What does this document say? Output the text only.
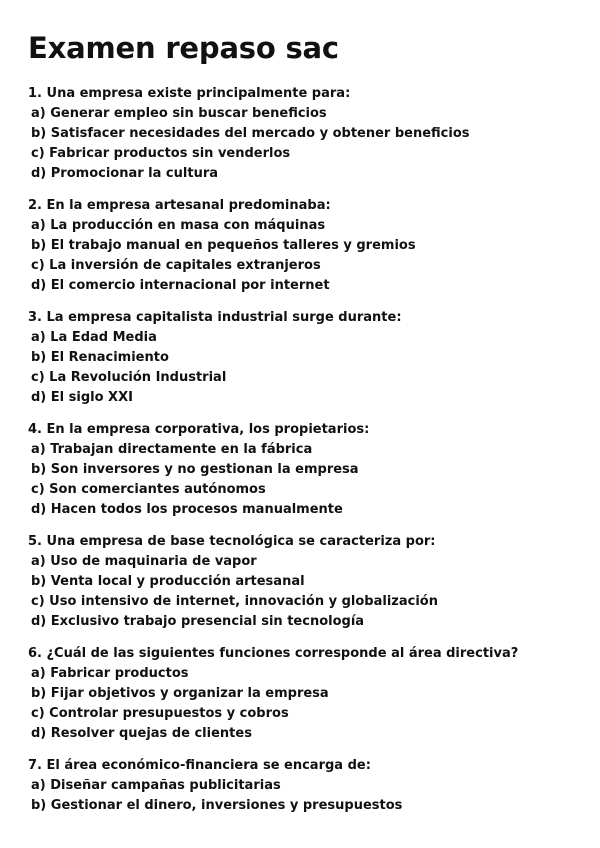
Examen repaso sac
1. Una empresa existe principalmente para:
a) Generar empleo sin buscar beneficios
b) Satisfacer necesidades del mercado y obtener beneficios
c) Fabricar productos sin venderlos
d) Promocionar la cultura
2. En la empresa artesanal predominaba:
a) La producción en masa con máquinas
b) El trabajo manual en pequeños talleres y gremios
c) La inversión de capitales extranjeros
d) El comercio internacional por internet
3. La empresa capitalista industrial surge durante:
a) La Edad Media
b) El Renacimiento
c) La Revolución Industrial
d) El siglo XXI
4. En la empresa corporativa, los propietarios:
a) Trabajan directamente en la fábrica
b) Son inversores y no gestionan la empresa
c) Son comerciantes autónomos
d) Hacen todos los procesos manualmente
5. Una empresa de base tecnológica se caracteriza por:
a) Uso de maquinaria de vapor
b) Venta local y producción artesanal
c) Uso intensivo de internet, innovación y globalización
d) Exclusivo trabajo presencial sin tecnología
6. ¿Cuál de las siguientes funciones corresponde al área directiva?
a) Fabricar productos
b) Fijar objetivos y organizar la empresa
c) Controlar presupuestos y cobros
d) Resolver quejas de clientes
7. El área económico-financiera se encarga de:
a) Diseñar campañas publicitarias
b) Gestionar el dinero, inversiones y presupuestos
